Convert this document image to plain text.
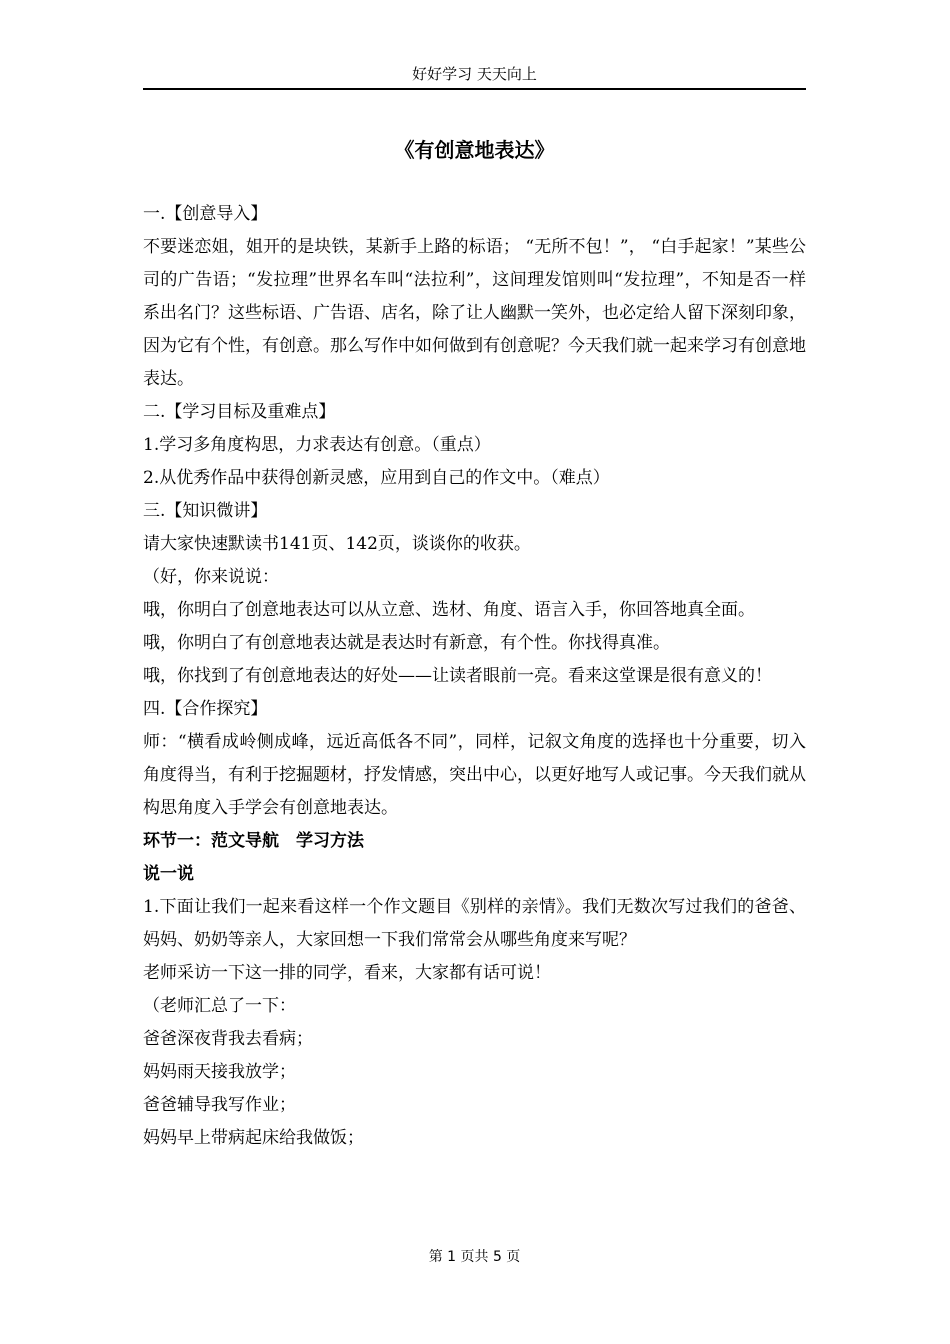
好好学习 天天向上
《有创意地表达》

一.【创意导入】

不要迷恋姐，姐开的是块铁，某新手上路的标语； “无所不包！”， “白手起家！”某些公司的广告语；“发拉理”世界名车叫“法拉利”，这间理发馆则叫“发拉理”，不知是否一样系出名门？这些标语、广告语、店名，除了让人幽默一笑外，也必定给人留下深刻印象，因为它有个性，有创意。那么写作中如何做到有创意呢？今天我们就一起来学习有创意地表达。

二.【学习目标及重难点】

1.学习多角度构思，力求表达有创意。（重点）

2.从优秀作品中获得创新灵感，应用到自己的作文中。（难点）

三.【知识微讲】

请大家快速默读书141页、142页，谈谈你的收获。

（好，你来说说：

哦，你明白了创意地表达可以从立意、选材、角度、语言入手，你回答地真全面。

哦，你明白了有创意地表达就是表达时有新意，有个性。你找得真准。

哦，你找到了有创意地表达的好处——让读者眼前一亮。看来这堂课是很有意义的！

四.【合作探究】

师：“横看成岭侧成峰，远近高低各不同”，同样，记叙文角度的选择也十分重要，切入角度得当，有利于挖掘题材，抒发情感，突出中心，以更好地写人或记事。今天我们就从构思角度入手学会有创意地表达。

环节一：范文导航　学习方法

说一说

1.下面让我们一起来看这样一个作文题目《别样的亲情》。我们无数次写过我们的爸爸、妈妈、奶奶等亲人，大家回想一下我们常常会从哪些角度来写呢？

老师采访一下这一排的同学，看来，大家都有话可说！

（老师汇总了一下：

爸爸深夜背我去看病；

妈妈雨天接我放学；

爸爸辅导我写作业；

妈妈早上带病起床给我做饭；

第 1 页共 5 页
